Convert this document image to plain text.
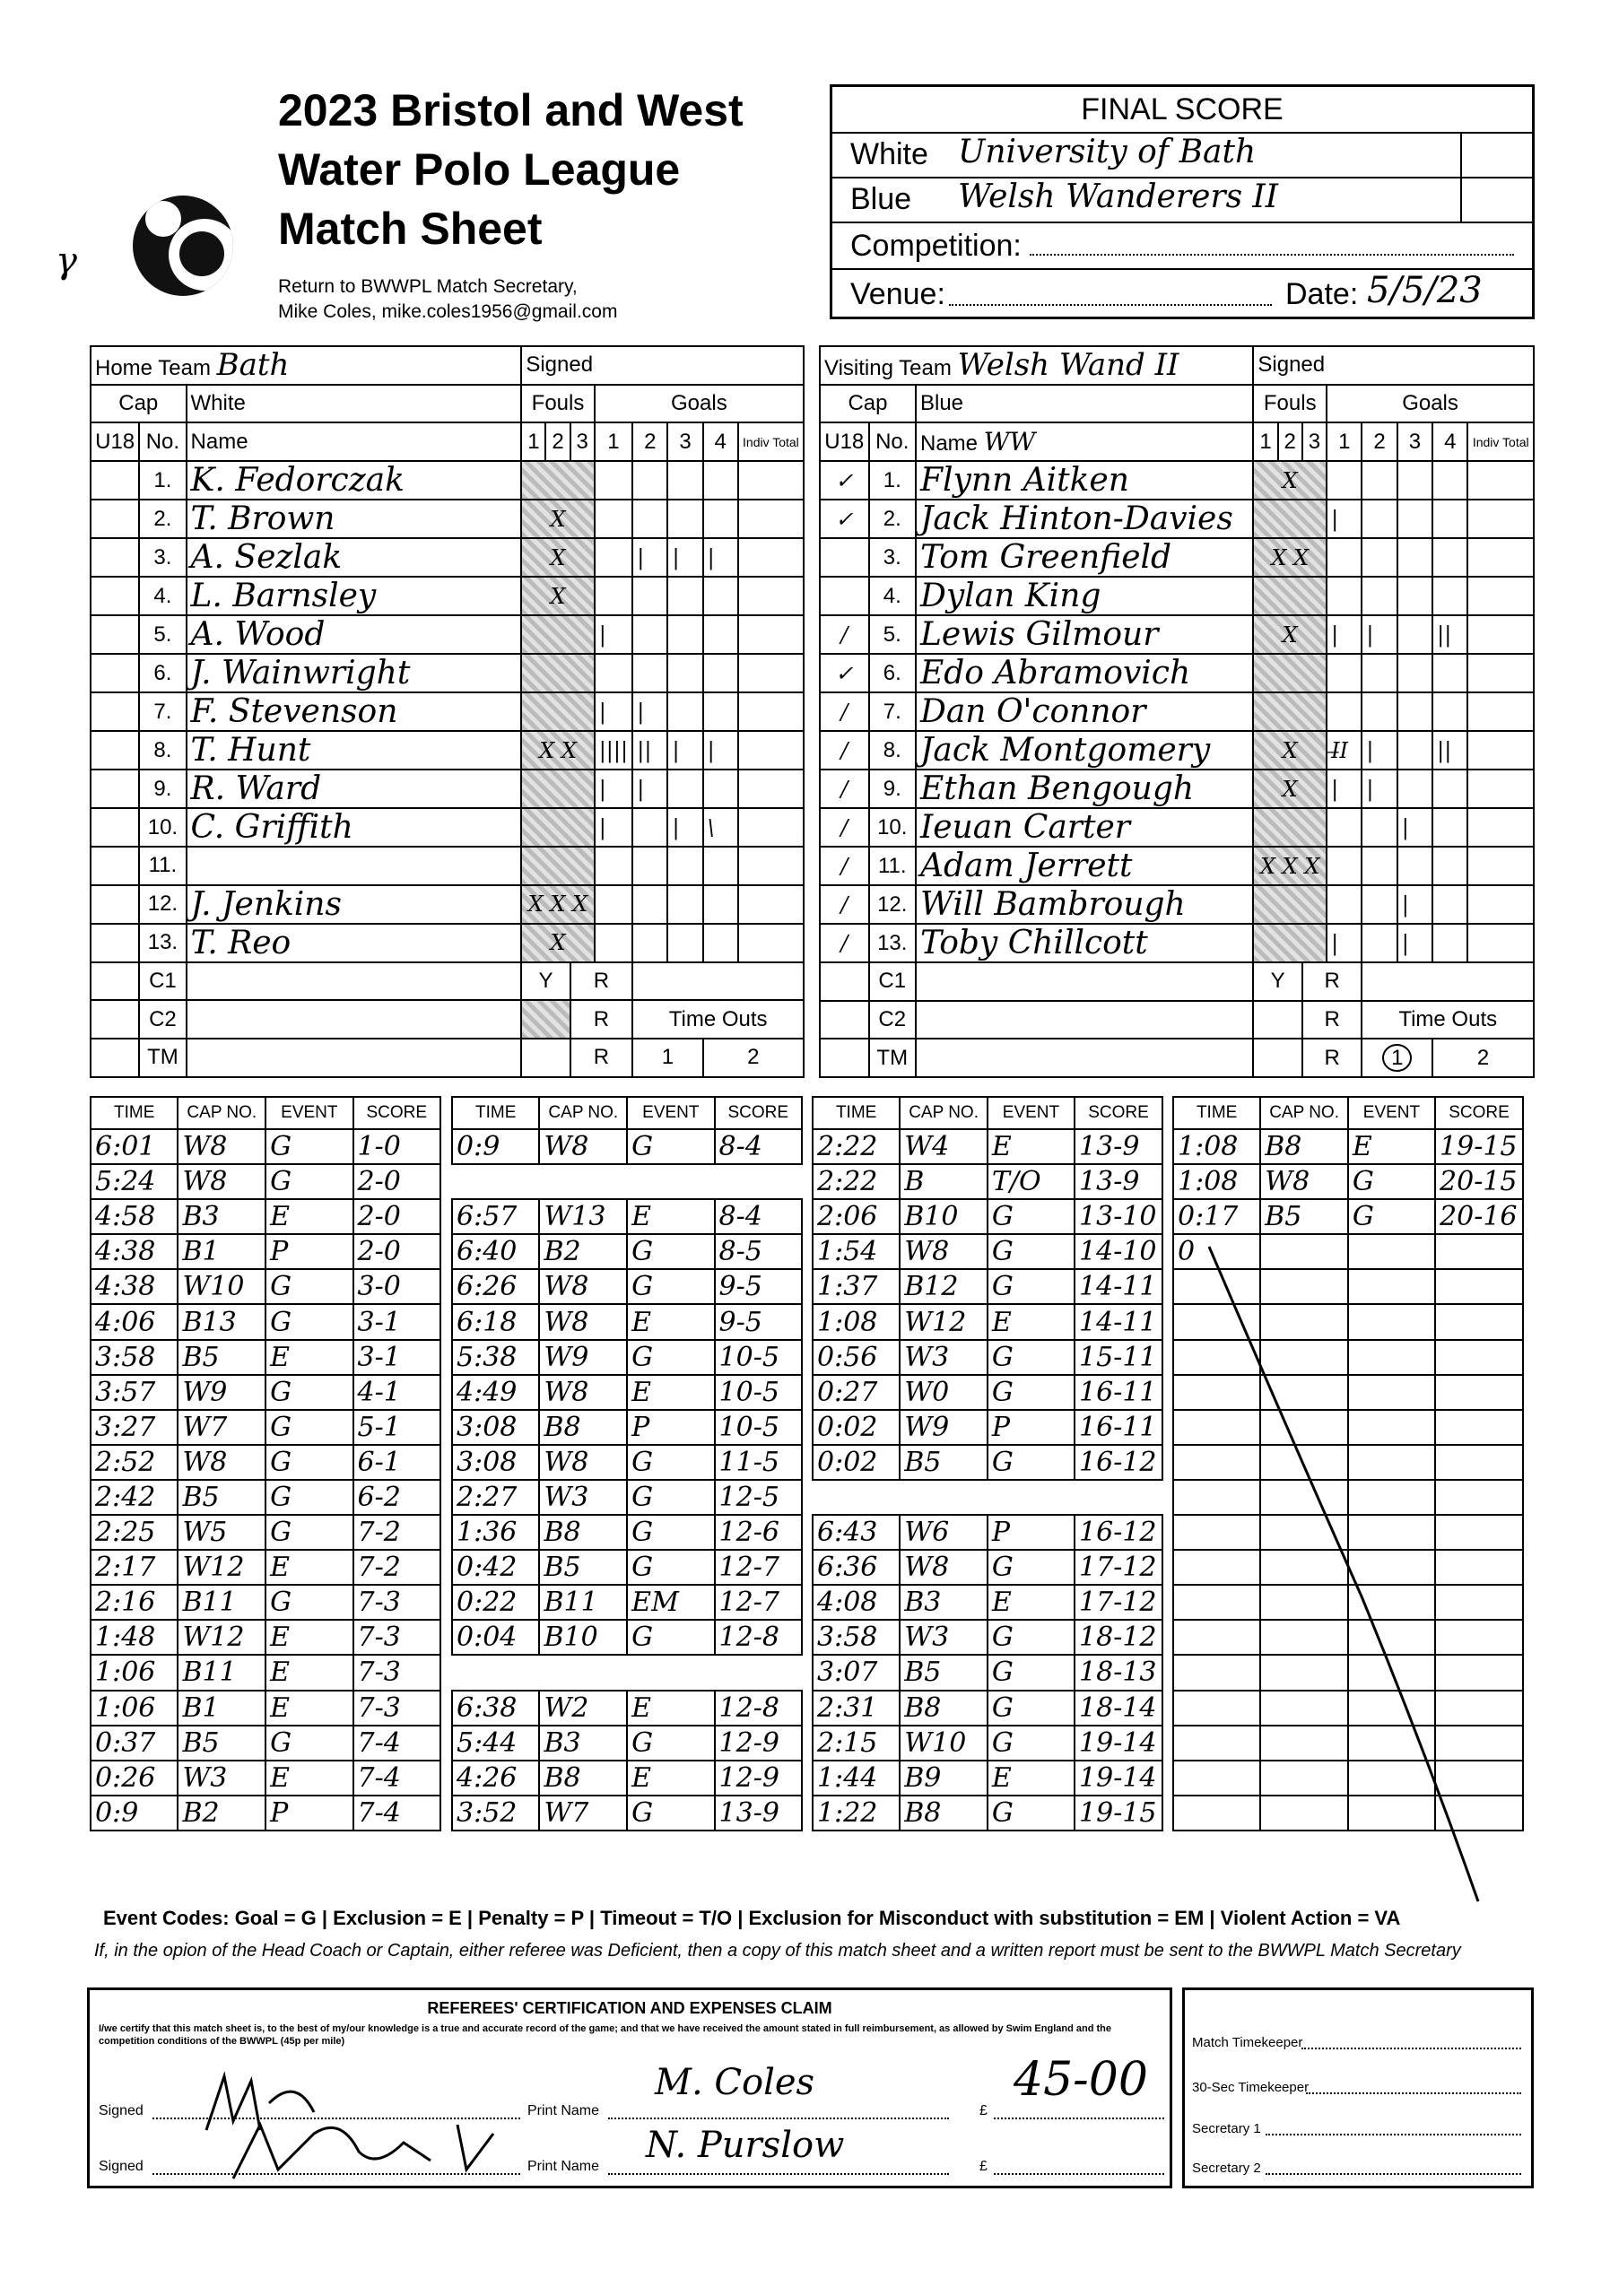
2023 Bristol and West
Water Polo League
Match Sheet
Return to BWWPL Match Secretary,
Mike Coles, mike.coles1956@gmail.com
γ
FINAL SCORE
White University of Bath
Blue Welsh Wanderers II
Competition:
Venue:	Date: 5/5/23
Home Team Bath			Signed							
Cap		White	Fouls			Goals				
U18	No.	Name	1	2	3	1	2	3	4	Indiv Total
	1.	K. Fedorczak								
	2.	T. Brown	X							
	3.	A. Sezlak	X				|	|	|	
	4.	L. Barnsley	X							
	5.	A. Wood				|				
	6.	J. Wainwright								
	7.	F. Stevenson				|	|			
	8.	T. Hunt	X X			||||	||	|	|	
	9.	R. Ward				|	|			
	10.	C. Griffith				|		|	\	
	11.									
	12.	J. Jenkins	X X X							
	13.	T. Reo	X							
	C1		Y		R					
	C2				R		Time Outs			
	TM				R		1		2	
Visiting Team Welsh Wand II			Signed							
Cap		Blue	Fouls			Goals				
U18	No.	Name WW	1	2	3	1	2	3	4	Indiv Total
✓	1.	Flynn Aitken	X							
✓	2.	Jack Hinton-Davies				|				
	3.	Tom Greenfield	X X							
	4.	Dylan King								
/	5.	Lewis Gilmour	X			|	|		||	
✓	6.	Edo Abramovich								
/	7.	Dan O'connor								
/	8.	Jack Montgomery	X			I̶I	|		||	
/	9.	Ethan Bengough	X			|	|			
/	10.	Ieuan Carter						|		
/	11.	Adam Jerrett	X X X							
/	12.	Will Bambrough						|		
/	13.	Toby Chillcott				|		|		
	C1		Y		R					
	C2				R		Time Outs			
	TM				R		1		2	
TIME	CAP NO.	EVENT	SCORE
6:01	W8	G	1-0
5:24	W8	G	2-0
4:58	B3	E	2-0
4:38	B1	P	2-0
4:38	W10	G	3-0
4:06	B13	G	3-1
3:58	B5	E	3-1
3:57	W9	G	4-1
3:27	W7	G	5-1
2:52	W8	G	6-1
2:42	B5	G	6-2
2:25	W5	G	7-2
2:17	W12	E	7-2
2:16	B11	G	7-3
1:48	W12	E	7-3
1:06	B11	E	7-3
1:06	B1	E	7-3
0:37	B5	G	7-4
0:26	W3	E	7-4
0:9	B2	P	7-4
TIME	CAP NO.	EVENT	SCORE
0:9	W8	G	8-4

6:57	W13	E	8-4
6:40	B2	G	8-5
6:26	W8	G	9-5
6:18	W8	E	9-5
5:38	W9	G	10-5
4:49	W8	E	10-5
3:08	B8	P	10-5
3:08	W8	G	11-5
2:27	W3	G	12-5
1:36	B8	G	12-6
0:42	B5	G	12-7
0:22	B11	EM	12-7
0:04	B10	G	12-8

6:38	W2	E	12-8
5:44	B3	G	12-9
4:26	B8	E	12-9
3:52	W7	G	13-9
TIME	CAP NO.	EVENT	SCORE
2:22	W4	E	13-9
2:22	B	T/O	13-9
2:06	B10	G	13-10
1:54	W8	G	14-10
1:37	B12	G	14-11
1:08	W12	E	14-11
0:56	W3	G	15-11
0:27	W0	G	16-11
0:02	W9	P	16-11
0:02	B5	G	16-12

6:43	W6	P	16-12
6:36	W8	G	17-12
4:08	B3	E	17-12
3:58	W3	G	18-12
3:07	B5	G	18-13
2:31	B8	G	18-14
2:15	W10	G	19-14
1:44	B9	E	19-14
1:22	B8	G	19-15
TIME	CAP NO.	EVENT	SCORE
1:08	B8	E	19-15
1:08	W8	G	20-15
0:17	B5	G	20-16
0			

Event Codes: Goal = G | Exclusion = E | Penalty = P | Timeout = T/O | Exclusion for Misconduct with substitution = EM | Violent Action = VA
If, in the opion of the Head Coach or Captain, either referee was Deficient, then a copy of this match sheet and a written report must be sent to the BWWPL Match Secretary
REFEREES' CERTIFICATION AND EXPENSES CLAIM
I/we certify that this match sheet is, to the best of my/our knowledge is a true and accurate record of the game; and that we have received the amount stated in full reimbursement, as allowed by Swim England and the competition conditions of the BWWPL (45p per mile)
Signed	Print Name
M. Coles
£
45-00
Signed	Print Name
N. Purslow
£
Match Timekeeper
30-Sec Timekeeper
Secretary 1
Secretary 2
